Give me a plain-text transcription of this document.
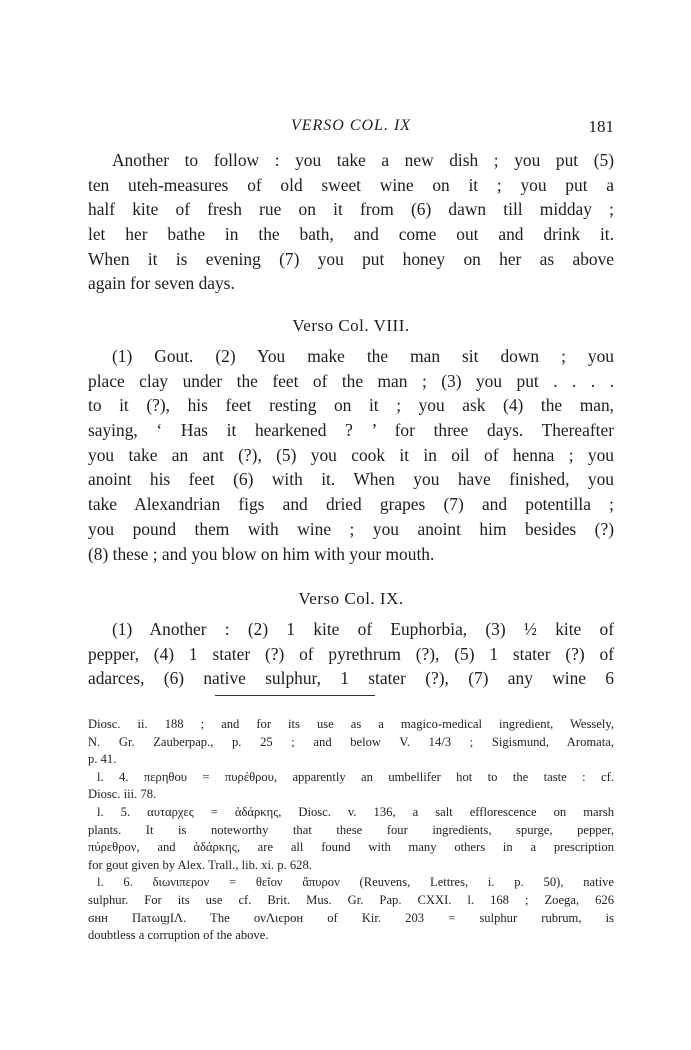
VERSO COL. IX	181
Another to follow : you take a new dish ; you put (5)
ten uteh-measures of old sweet wine on it ; you put a
half kite of fresh rue on it from (6) dawn till midday ;
let her bathe in the bath, and come out and drink it.
When it is evening (7) you put honey on her as above
again for seven days.
Verso Col. VIII.
(1) Gout. (2) You make the man sit down ; you
place clay under the feet of the man ; (3) you put . . . .
to it (?), his feet resting on it ; you ask (4) the man,
saying, ‘ Has it hearkened ? ’ for three days. Thereafter
you take an ant (?), (5) you cook it in oil of henna ; you
anoint his feet (6) with it. When you have finished, you
take Alexandrian figs and dried grapes (7) and potentilla ;
you pound them with wine ; you anoint him besides (?)
(8) these ; and you blow on him with your mouth.
Verso Col. IX.
(1) Another : (2) 1 kite of Euphorbia, (3) ½ kite of
pepper, (4) 1 stater (?) of pyrethrum (?), (5) 1 stater (?) of
adarces, (6) native sulphur, 1 stater (?), (7) any wine 6
Diosc. ii. 188 ; and for its use as a magico-medical ingredient, Wessely,
N. Gr. Zauberpap., p. 25 ; and below V. 14/3 ; Sigismund, Aromata,
p. 41.
l. 4. περηθου = πυρέθρου, apparently an umbellifer hot to the taste : cf.
Diosc. iii. 78.
l. 5. αυταρχες = ἀδάρκης, Diosc. v. 136, a salt efflorescence on marsh
plants. It is noteworthy that these four ingredients, spurge, pepper,
πύρεθρον, and ἀδάρκης, are all found with many others in a prescription
for gout given by Alex. Trall., lib. xi. p. 628.
l. 6. διωνιπερον = θεῖον ἄπυρον (Reuvens, Lettres, i. p. 50), native
sulphur. For its use cf. Brit. Mus. Gr. Pap. CXXI. l. 168 ; Zoega, 626
ϭнн ПaτωϣIɅ. The ονɅιєpοн of Kir. 203 = sulphur rubrum, is
doubtless a corruption of the above.
